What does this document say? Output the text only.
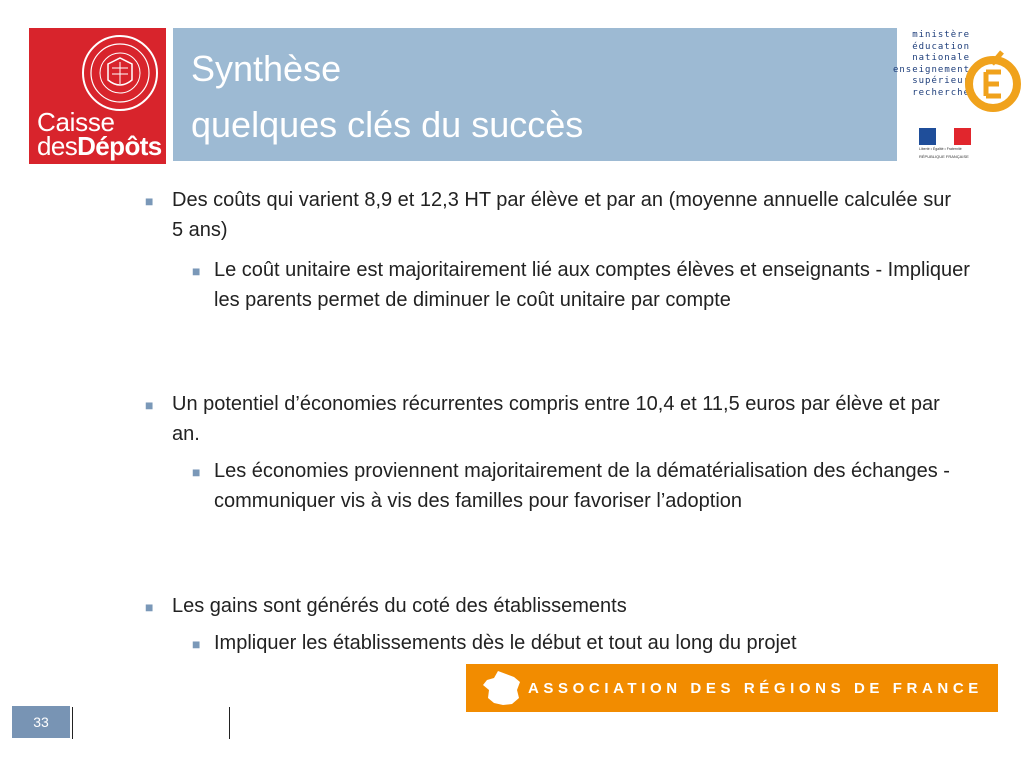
Caisse
desDépôts
Synthèse
quelques clés du succès
ministère
éducation
nationale
enseignement
supérieur
recherche
Liberté • Égalité • Fraternité
RÉPUBLIQUE FRANÇAISE
■ Des coûts qui varient 8,9 et 12,3 HT par élève et par an (moyenne annuelle calculée sur 5 ans)
■ Le coût unitaire est majoritairement lié aux comptes élèves et enseignants - Impliquer les parents permet de diminuer le coût unitaire par compte
■ Un potentiel d’économies récurrentes compris entre 10,4 et 11,5 euros par élève et par an.
■ Les économies proviennent majoritairement de la dématérialisation des échanges - communiquer vis à vis des familles pour favoriser l’adoption
■ Les gains sont générés du coté des établissements
■ Impliquer les établissements dès le début et tout au long du projet
ASSOCIATION DES RÉGIONS DE FRANCE
33
